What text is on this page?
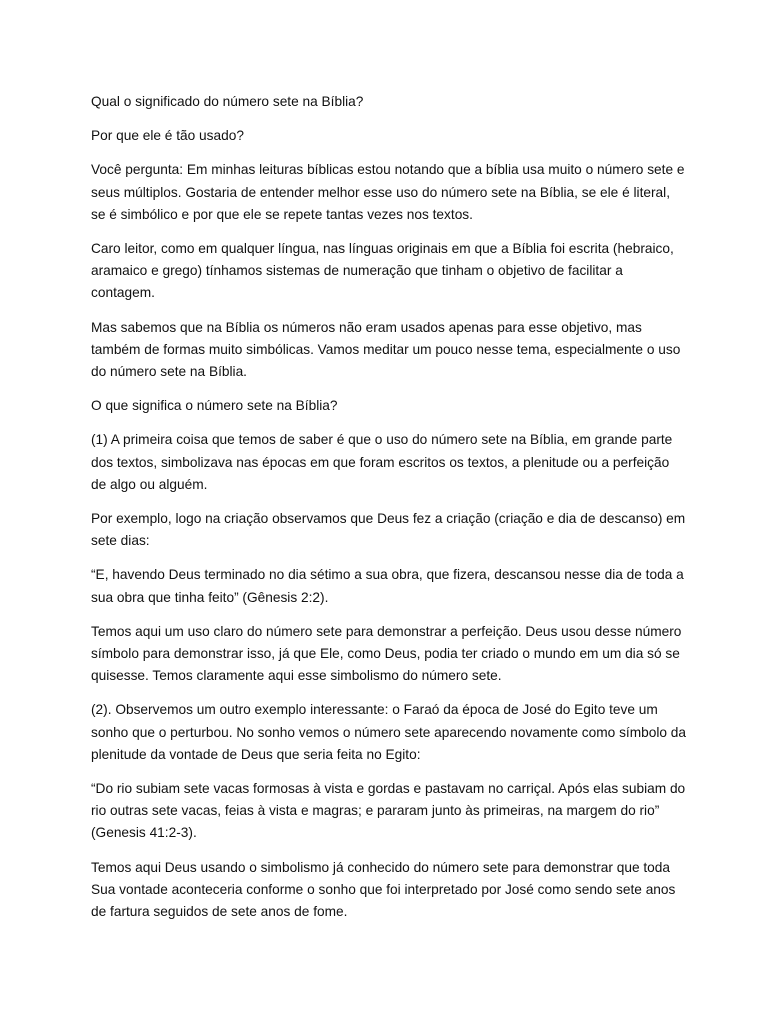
Qual o significado do número sete na Bíblia?

Por que ele é tão usado?

Você pergunta: Em minhas leituras bíblicas estou notando que a bíblia usa muito o número sete e seus múltiplos. Gostaria de entender melhor esse uso do número sete na Bíblia, se ele é literal, se é simbólico e por que ele se repete tantas vezes nos textos.

Caro leitor, como em qualquer língua, nas línguas originais em que a Bíblia foi escrita (hebraico, aramaico e grego) tínhamos sistemas de numeração que tinham o objetivo de facilitar a contagem.

Mas sabemos que na Bíblia os números não eram usados apenas para esse objetivo, mas também de formas muito simbólicas. Vamos meditar um pouco nesse tema, especialmente o uso do número sete na Bíblia.

O que significa o número sete na Bíblia?

(1) A primeira coisa que temos de saber é que o uso do número sete na Bíblia, em grande parte dos textos, simbolizava nas épocas em que foram escritos os textos, a plenitude ou a perfeição de algo ou alguém.

Por exemplo, logo na criação observamos que Deus fez a criação (criação e dia de descanso) em sete dias:

“E, havendo Deus terminado no dia sétimo a sua obra, que fizera, descansou nesse dia de toda a sua obra que tinha feito” (Gênesis 2:2).

Temos aqui um uso claro do número sete para demonstrar a perfeição. Deus usou desse número símbolo para demonstrar isso, já que Ele, como Deus, podia ter criado o mundo em um dia só se quisesse. Temos claramente aqui esse simbolismo do número sete.

(2). Observemos um outro exemplo interessante: o Faraó da época de José do Egito teve um sonho que o perturbou. No sonho vemos o número sete aparecendo novamente como símbolo da plenitude da vontade de Deus que seria feita no Egito:

“Do rio subiam sete vacas formosas à vista e gordas e pastavam no carriçal. Após elas subiam do rio outras sete vacas, feias à vista e magras; e pararam junto às primeiras, na margem do rio” (Genesis 41:2-3).

Temos aqui Deus usando o simbolismo já conhecido do número sete para demonstrar que toda Sua vontade aconteceria conforme o sonho que foi interpretado por José como sendo sete anos de fartura seguidos de sete anos de fome.
